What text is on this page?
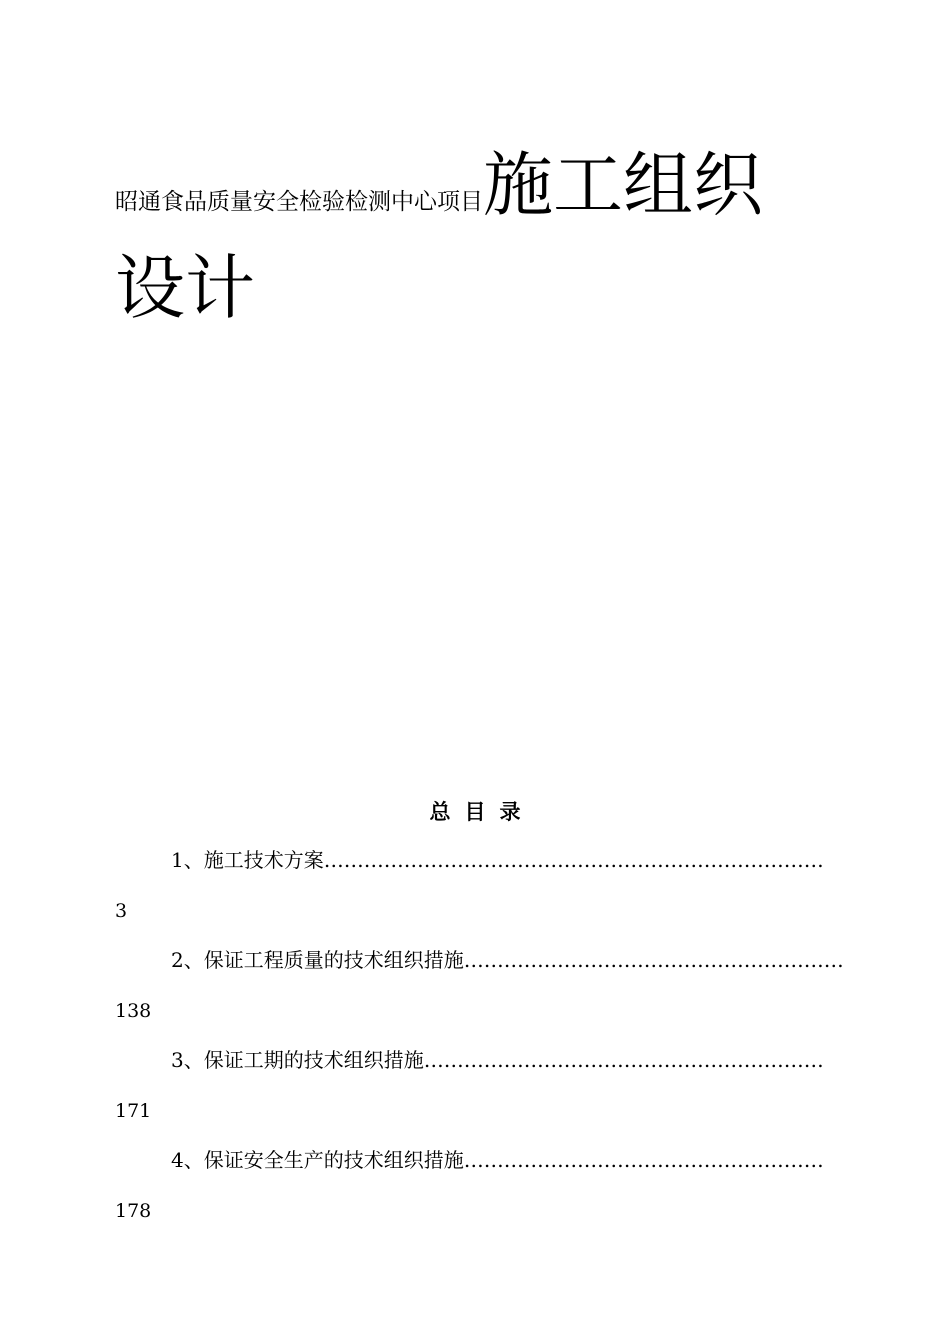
昭通食品质量安全检验检测中心项目施工组织
设计
总目录
1、施工技术方案…………………………………………………………………
3
2、保证工程质量的技术组织措施…………………………………………………
138
3、保证工期的技术组织措施……………………………………………………
171
4、保证安全生产的技术组织措施………………………………………………
178
